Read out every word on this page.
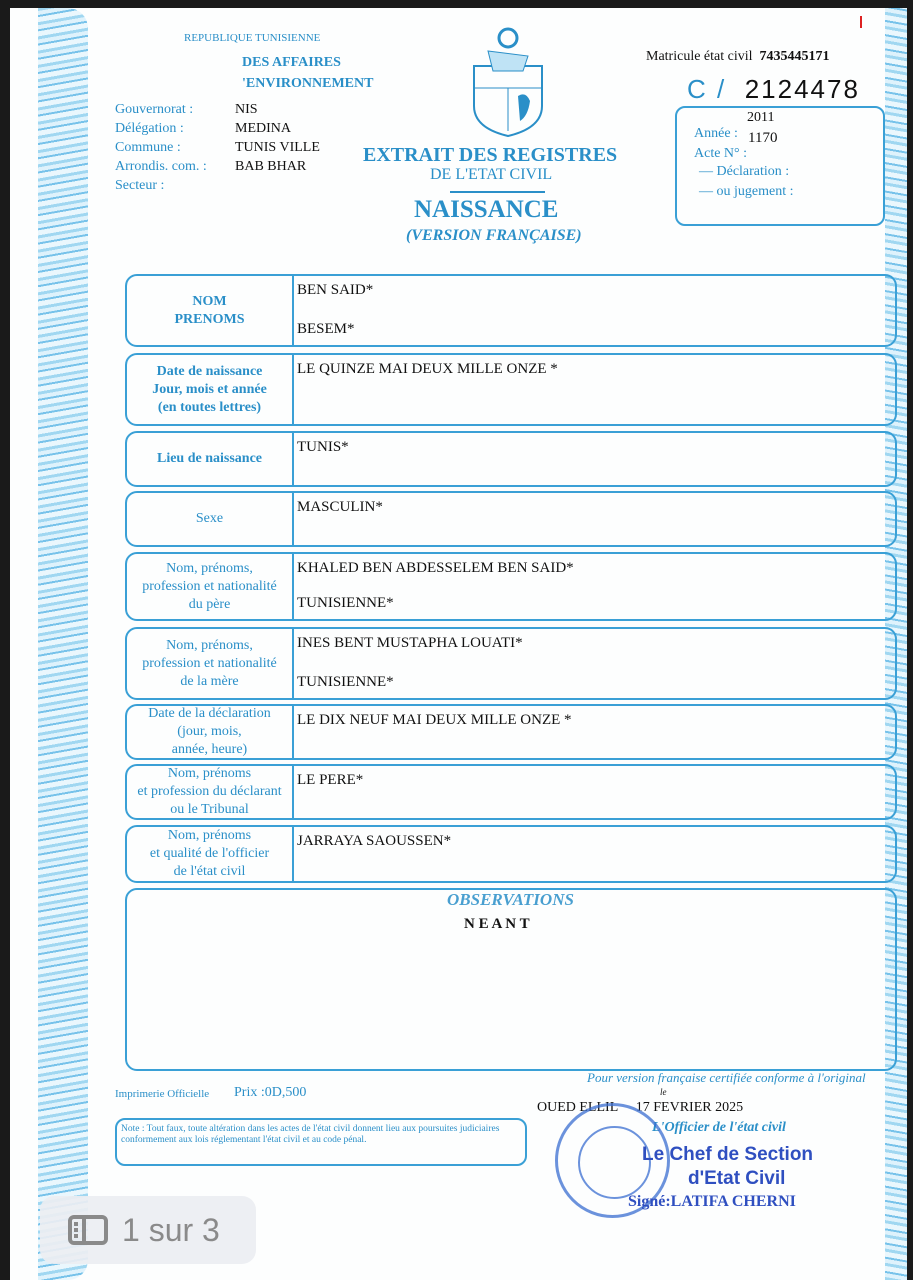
REPUBLIQUE TUNISIENNE
DES AFFAIRES
'ENVIRONNEMENT
Gouvernorat :
Délégation :
Commune :
Arrondis. com. :
Secteur :
NIS
MEDINA
TUNIS VILLE
BAB BHAR
EXTRAIT DES REGISTRES
DE L'ETAT CIVIL
NAISSANCE
(VERSION FRANÇAISE)
Matricule état civil 7435445171
C / 2124478
2011
Année : 1170
Acte N° :
— Déclaration :
— ou jugement :
NOM
PRENOMS
BEN SAID*
BESEM*
Date de naissance
Jour, mois et année
(en toutes lettres)
LE QUINZE MAI DEUX MILLE ONZE *
Lieu de naissance
TUNIS*
Sexe
MASCULIN*
Nom, prénoms,
profession et nationalité
du père
KHALED BEN ABDESSELEM BEN SAID*
TUNISIENNE*
Nom, prénoms,
profession et nationalité
de la mère
INES BENT MUSTAPHA LOUATI*
TUNISIENNE*
Date de la déclaration
(jour, mois,
année, heure)
LE DIX NEUF MAI DEUX MILLE ONZE *
Nom, prénoms
et profession du déclarant
ou le Tribunal
LE PERE*
Nom, prénoms
et qualité de l'officier
de l'état civil
JARRAYA SAOUSSEN*
OBSERVATIONS
N E A N T
Imprimerie Officielle Prix :0D,500
Note : Tout faux, toute altération dans les actes de l'état civil donnent lieu aux poursuites judiciaires conformement aux lois réglementant l'état civil et au code pénal.
Pour version française certifiée conforme à l'original
le
OUED ELLIL 17 FEVRIER 2025
L'Officier de l'état civil
Le Chef de Section
d'Etat Civil
Signé:LATIFA CHERNI
1 sur 3
